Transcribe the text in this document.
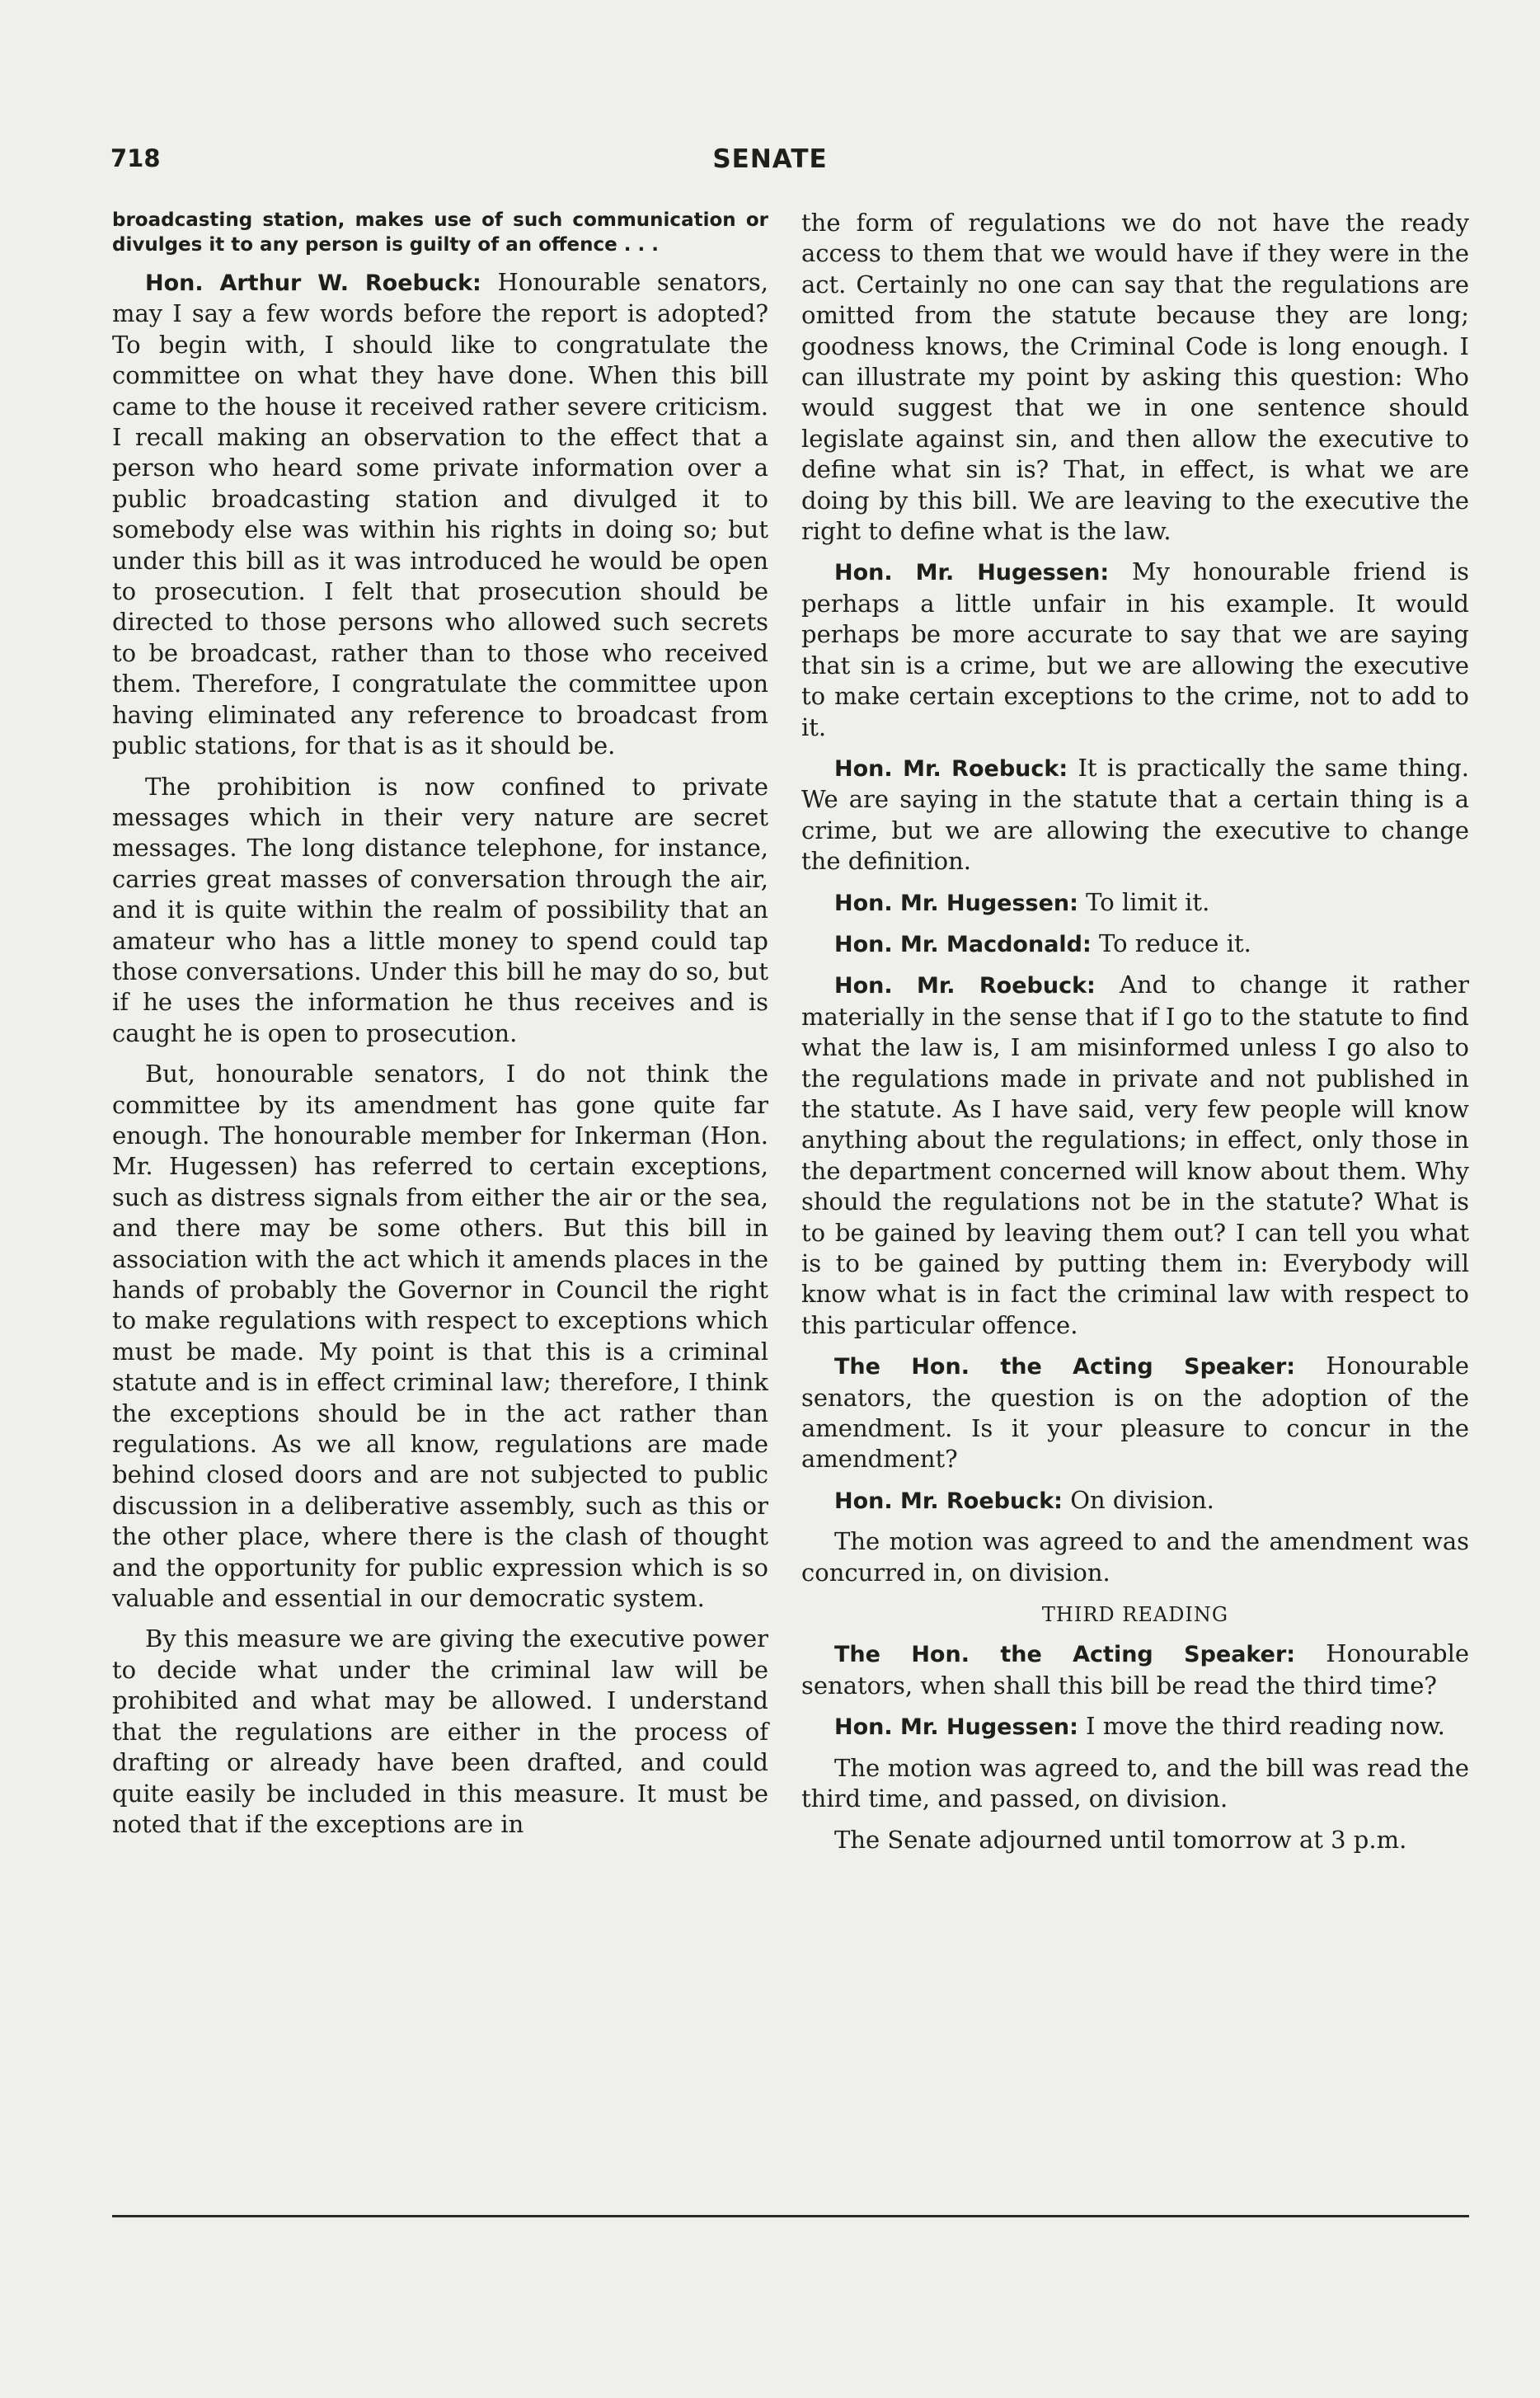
718	SENATE

broadcasting station, makes use of such communication or divulges it to any person is guilty of an offence . . .

Hon. Arthur W. Roebuck: Honourable senators, may I say a few words before the report is adopted? To begin with, I should like to congratulate the committee on what they have done. When this bill came to the house it received rather severe criticism. I recall making an observation to the effect that a person who heard some private information over a public broadcasting station and divulged it to somebody else was within his rights in doing so; but under this bill as it was introduced he would be open to prosecution. I felt that prosecution should be directed to those persons who allowed such secrets to be broadcast, rather than to those who received them. Therefore, I congratulate the committee upon having eliminated any reference to broadcast from public stations, for that is as it should be.

The prohibition is now confined to private messages which in their very nature are secret messages. The long distance telephone, for instance, carries great masses of conversation through the air, and it is quite within the realm of possibility that an amateur who has a little money to spend could tap those conversations. Under this bill he may do so, but if he uses the information he thus receives and is caught he is open to prosecution.

But, honourable senators, I do not think the committee by its amendment has gone quite far enough. The honourable member for Inkerman (Hon. Mr. Hugessen) has referred to certain exceptions, such as distress signals from either the air or the sea, and there may be some others. But this bill in association with the act which it amends places in the hands of probably the Governor in Council the right to make regulations with respect to exceptions which must be made. My point is that this is a criminal statute and is in effect criminal law; therefore, I think the exceptions should be in the act rather than regulations. As we all know, regulations are made behind closed doors and are not subjected to public discussion in a deliberative assembly, such as this or the other place, where there is the clash of thought and the opportunity for public expression which is so valuable and essential in our democratic system.

By this measure we are giving the executive power to decide what under the criminal law will be prohibited and what may be allowed. I understand that the regulations are either in the process of drafting or already have been drafted, and could quite easily be included in this measure. It must be noted that if the exceptions are in

the form of regulations we do not have the ready access to them that we would have if they were in the act. Certainly no one can say that the regulations are omitted from the statute because they are long; goodness knows, the Criminal Code is long enough. I can illustrate my point by asking this question: Who would suggest that we in one sentence should legislate against sin, and then allow the executive to define what sin is? That, in effect, is what we are doing by this bill. We are leaving to the executive the right to define what is the law.

Hon. Mr. Hugessen: My honourable friend is perhaps a little unfair in his example. It would perhaps be more accurate to say that we are saying that sin is a crime, but we are allowing the executive to make certain exceptions to the crime, not to add to it.

Hon. Mr. Roebuck: It is practically the same thing. We are saying in the statute that a certain thing is a crime, but we are allowing the executive to change the definition.

Hon. Mr. Hugessen: To limit it.

Hon. Mr. Macdonald: To reduce it.

Hon. Mr. Roebuck: And to change it rather materially in the sense that if I go to the statute to find what the law is, I am misinformed unless I go also to the regulations made in private and not published in the statute. As I have said, very few people will know anything about the regulations; in effect, only those in the department concerned will know about them. Why should the regulations not be in the statute? What is to be gained by leaving them out? I can tell you what is to be gained by putting them in: Everybody will know what is in fact the criminal law with respect to this particular offence.

The Hon. the Acting Speaker: Honourable senators, the question is on the adoption of the amendment. Is it your pleasure to concur in the amendment?

Hon. Mr. Roebuck: On division.

The motion was agreed to and the amendment was concurred in, on division.

THIRD READING

The Hon. the Acting Speaker: Honourable senators, when shall this bill be read the third time?

Hon. Mr. Hugessen: I move the third reading now.

The motion was agreed to, and the bill was read the third time, and passed, on division.

The Senate adjourned until tomorrow at 3 p.m.
